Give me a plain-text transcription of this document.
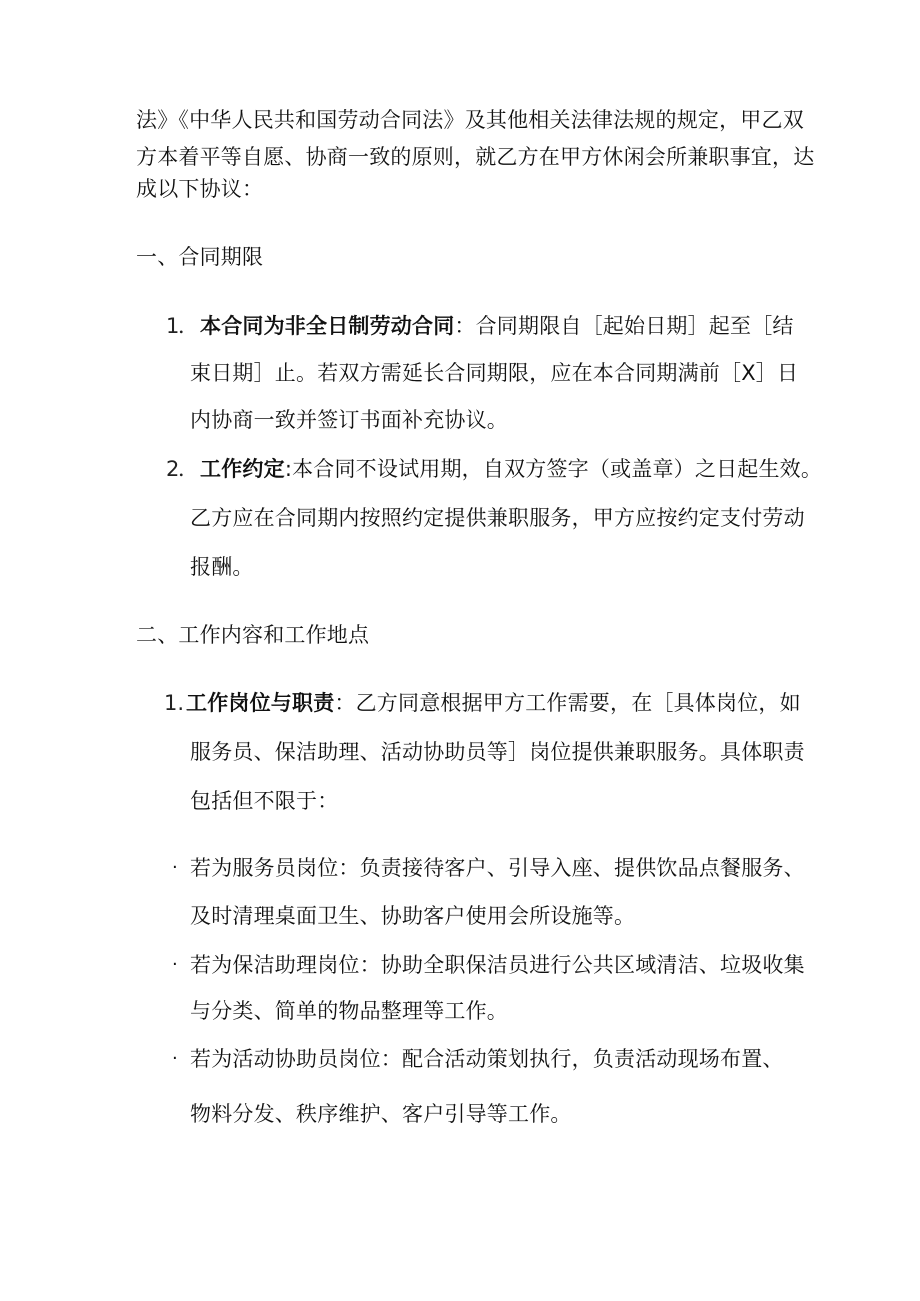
法》《中华人民共和国劳动合同法》及其他相关法律法规的规定，甲乙双
方本着平等自愿、协商一致的原则，就乙方在甲方休闲会所兼职事宜，达
成以下协议：
一、合同期限
1
． 本合同为非全日制劳动合同：合同期限自［起始日期］起至［结
束日期］止。若双方需延长合同期限，应在本合同期满前［X］日
内协商一致并签订书面补充协议。
2
． 工作约定:本合同不设试用期，自双方签字（或盖章）之日起生效。
乙方应在合同期内按照约定提供兼职服务，甲方应按约定支付劳动
报酬。
二、工作内容和工作地点
1. 工作岗位与职责：乙方同意根据甲方工作需要，在［具体岗位，如
服务员、保洁助理、活动协助员等］岗位提供兼职服务。具体职责
包括但不限于：
· 若为服务员岗位：负责接待客户、引导入座、提供饮品点餐服务、
及时清理桌面卫生、协助客户使用会所设施等。
· 若为保洁助理岗位：协助全职保洁员进行公共区域清洁、垃圾收集
与分类、简单的物品整理等工作。
· 若为活动协助员岗位：配合活动策划执行，负责活动现场布置、
物料分发、秩序维护、客户引导等工作。
